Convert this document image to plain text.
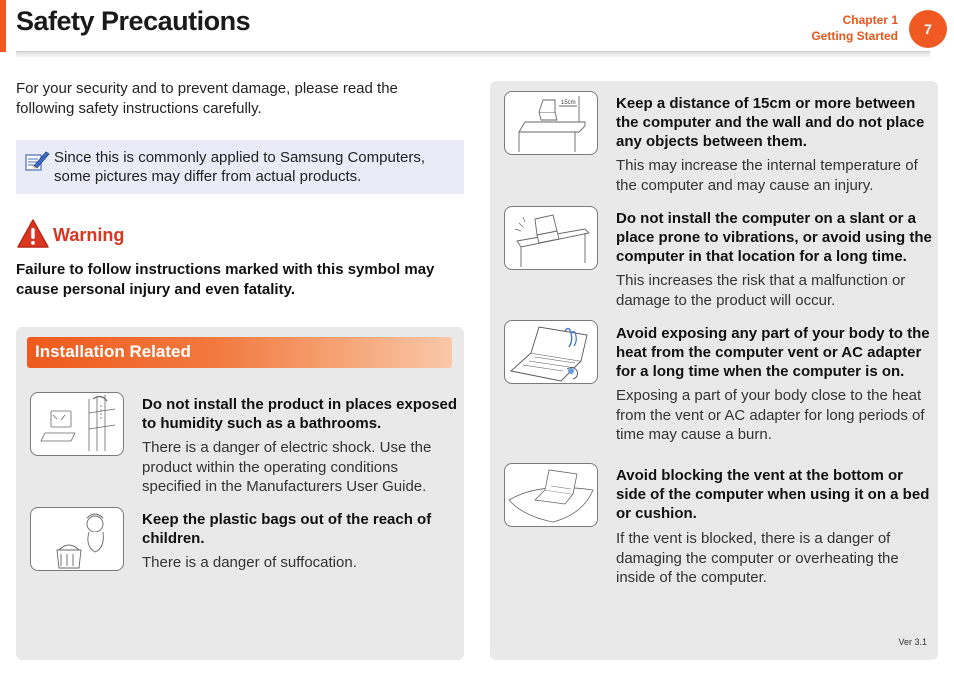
Safety Precautions	Chapter 1
Getting Started	7
For your security and to prevent damage, please read the following safety instructions carefully.
Since this is commonly applied to Samsung Computers, some pictures may differ from actual products.
Warning
Failure to follow instructions marked with this symbol may cause personal injury and even fatality.
Installation Related
Do not install the product in places exposed to humidity such as a bathrooms.
There is a danger of electric shock. Use the product within the operating conditions specified in the Manufacturers User Guide.
Keep the plastic bags out of the reach of children.
There is a danger of suffocation.
15cm	Keep a distance of 15cm or more between the computer and the wall and do not place any objects between them.
This may increase the internal temperature of the computer and may cause an injury.
Do not install the computer on a slant or a place prone to vibrations, or avoid using the computer in that location for a long time.
This increases the risk that a malfunction or damage to the product will occur.
Avoid exposing any part of your body to the heat from the computer vent or AC adapter for a long time when the computer is on.
Exposing a part of your body close to the heat from the vent or AC adapter for long periods of time may cause a burn.
Avoid blocking the vent at the bottom or side of the computer when using it on a bed or cushion.
If the vent is blocked, there is a danger of damaging the computer or overheating the inside of the computer.
Ver 3.1
